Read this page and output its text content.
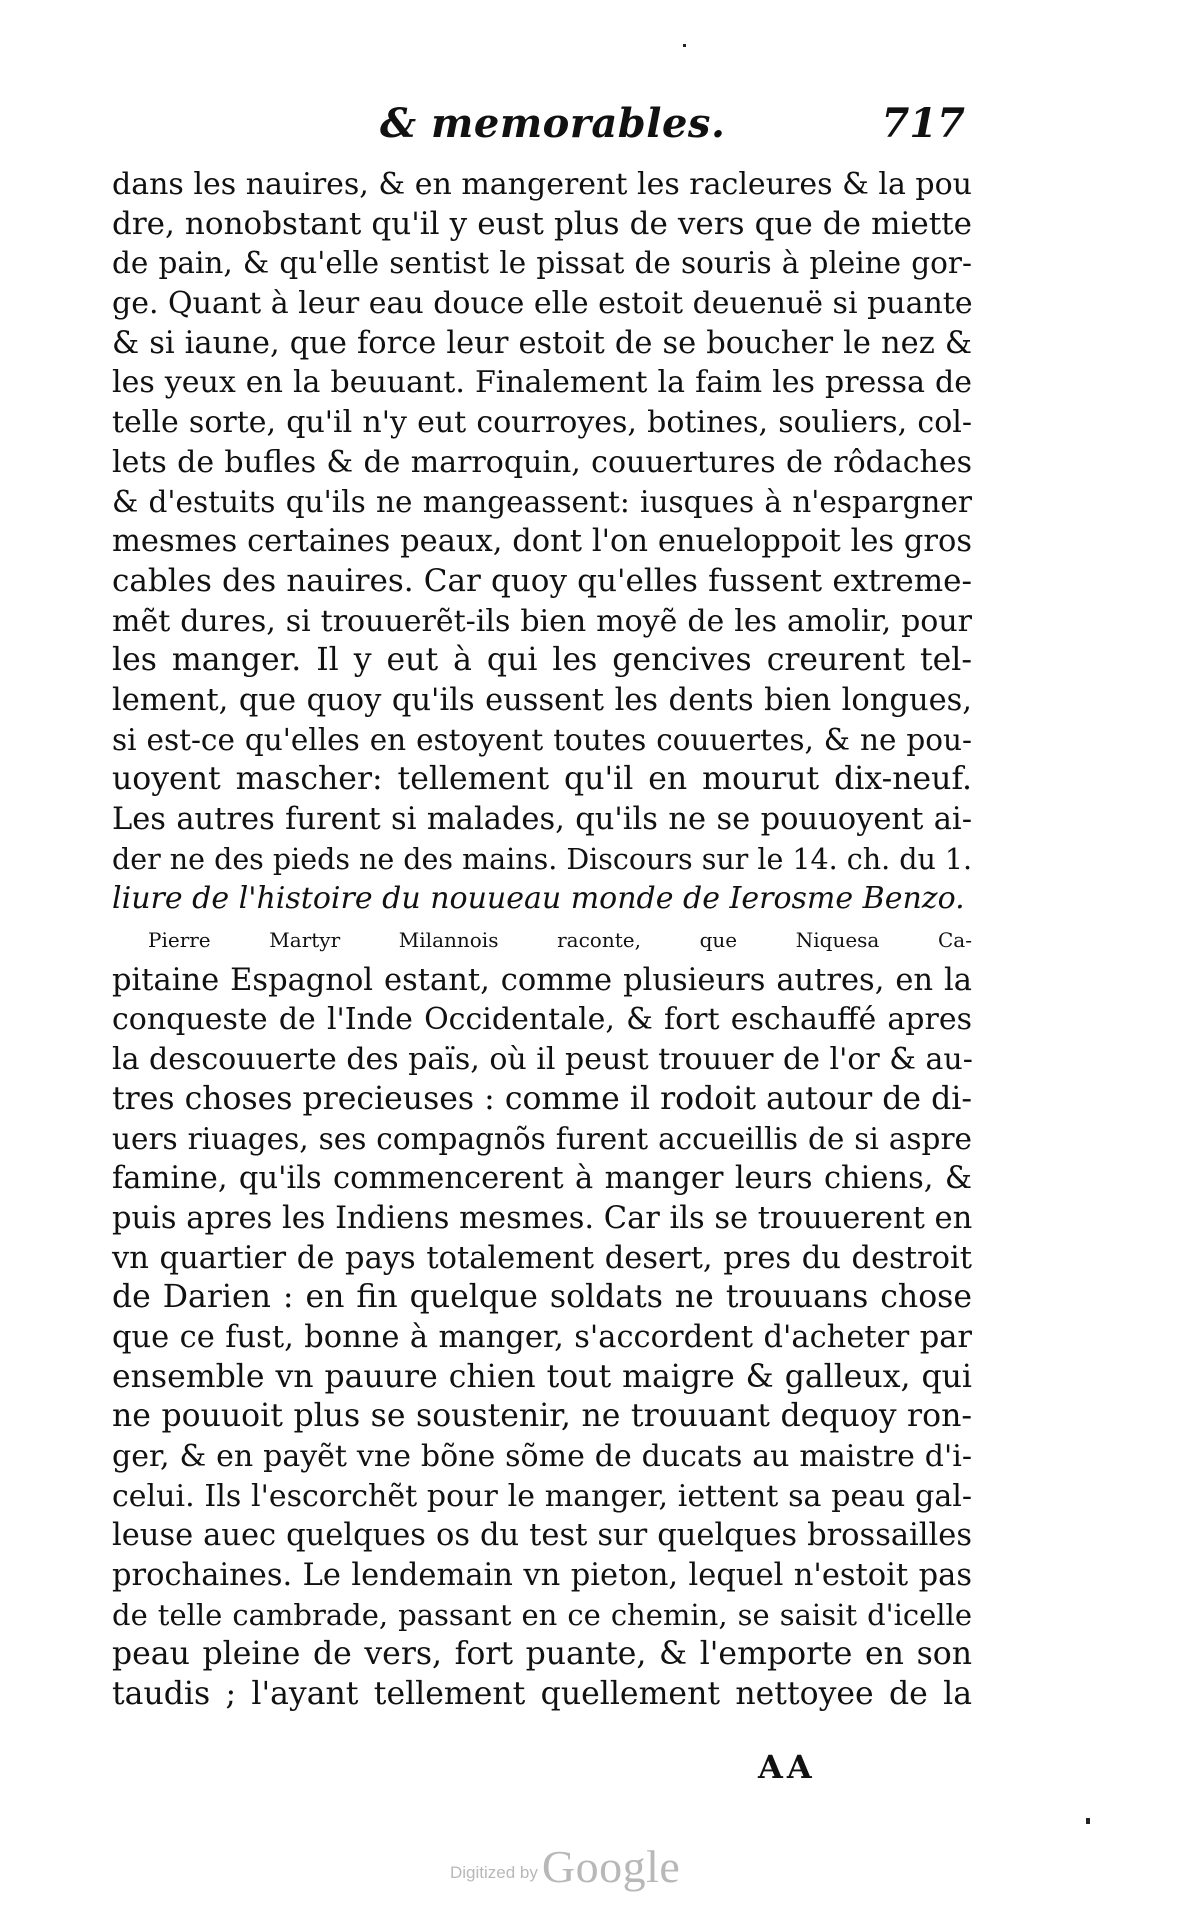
& memorables.	717
dans les nauires, & en mangerent les racleures & la pou
dre, nonobstant qu'il y eust plus de vers que de miette
de pain, & qu'elle sentist le pissat de souris à pleine gor-
ge. Quant à leur eau douce elle estoit deuenuë si puante
& si iaune, que force leur estoit de se boucher le nez &
les yeux en la beuuant. Finalement la faim les pressa de
telle sorte, qu'il n'y eut courroyes, botines, souliers, col-
lets de bufles & de marroquin, couuertures de rôdaches
& d'estuits qu'ils ne mangeassent: iusques à n'espargner
mesmes certaines peaux, dont l'on enueloppoit les gros
cables des nauires. Car quoy qu'elles fussent extreme-
mẽt dures, si trouuerẽt-ils bien moyẽ de les amolir, pour
les manger. Il y eut à qui les gencives creurent tel-
lement, que quoy qu'ils eussent les dents bien longues,
si est-ce qu'elles en estoyent toutes couuertes, & ne pou-
uoyent mascher: tellement qu'il en mourut dix-neuf.
Les autres furent si malades, qu'ils ne se pouuoyent ai-
der ne des pieds ne des mains. Discours sur le 14. ch. du 1.
liure de l'histoire du nouueau monde de Ierosme Benzo.
Pierre Martyr Milannois raconte, que Niquesa Ca-
pitaine Espagnol estant, comme plusieurs autres, en la
conqueste de l'Inde Occidentale, & fort eschauffé apres
la descouuerte des païs, où il peust trouuer de l'or & au-
tres choses precieuses : comme il rodoit autour de di-
uers riuages, ses compagnõs furent accueillis de si aspre
famine, qu'ils commencerent à manger leurs chiens, &
puis apres les Indiens mesmes. Car ils se trouuerent en
vn quartier de pays totalement desert, pres du destroit
de Darien : en fin quelque soldats ne trouuans chose
que ce fust, bonne à manger, s'accordent d'acheter par
ensemble vn pauure chien tout maigre & galleux, qui
ne pouuoit plus se soustenir, ne trouuant dequoy ron-
ger, & en payẽt vne bõne sõme de ducats au maistre d'i-
celui. Ils l'escorchẽt pour le manger, iettent sa peau gal-
leuse auec quelques os du test sur quelques brossailles
prochaines. Le lendemain vn pieton, lequel n'estoit pas
de telle cambrade, passant en ce chemin, se saisit d'icelle
peau pleine de vers, fort puante, & l'emporte en son
taudis ; l'ayant tellement quellement nettoyee de la
AA
Digitized byGoogle
